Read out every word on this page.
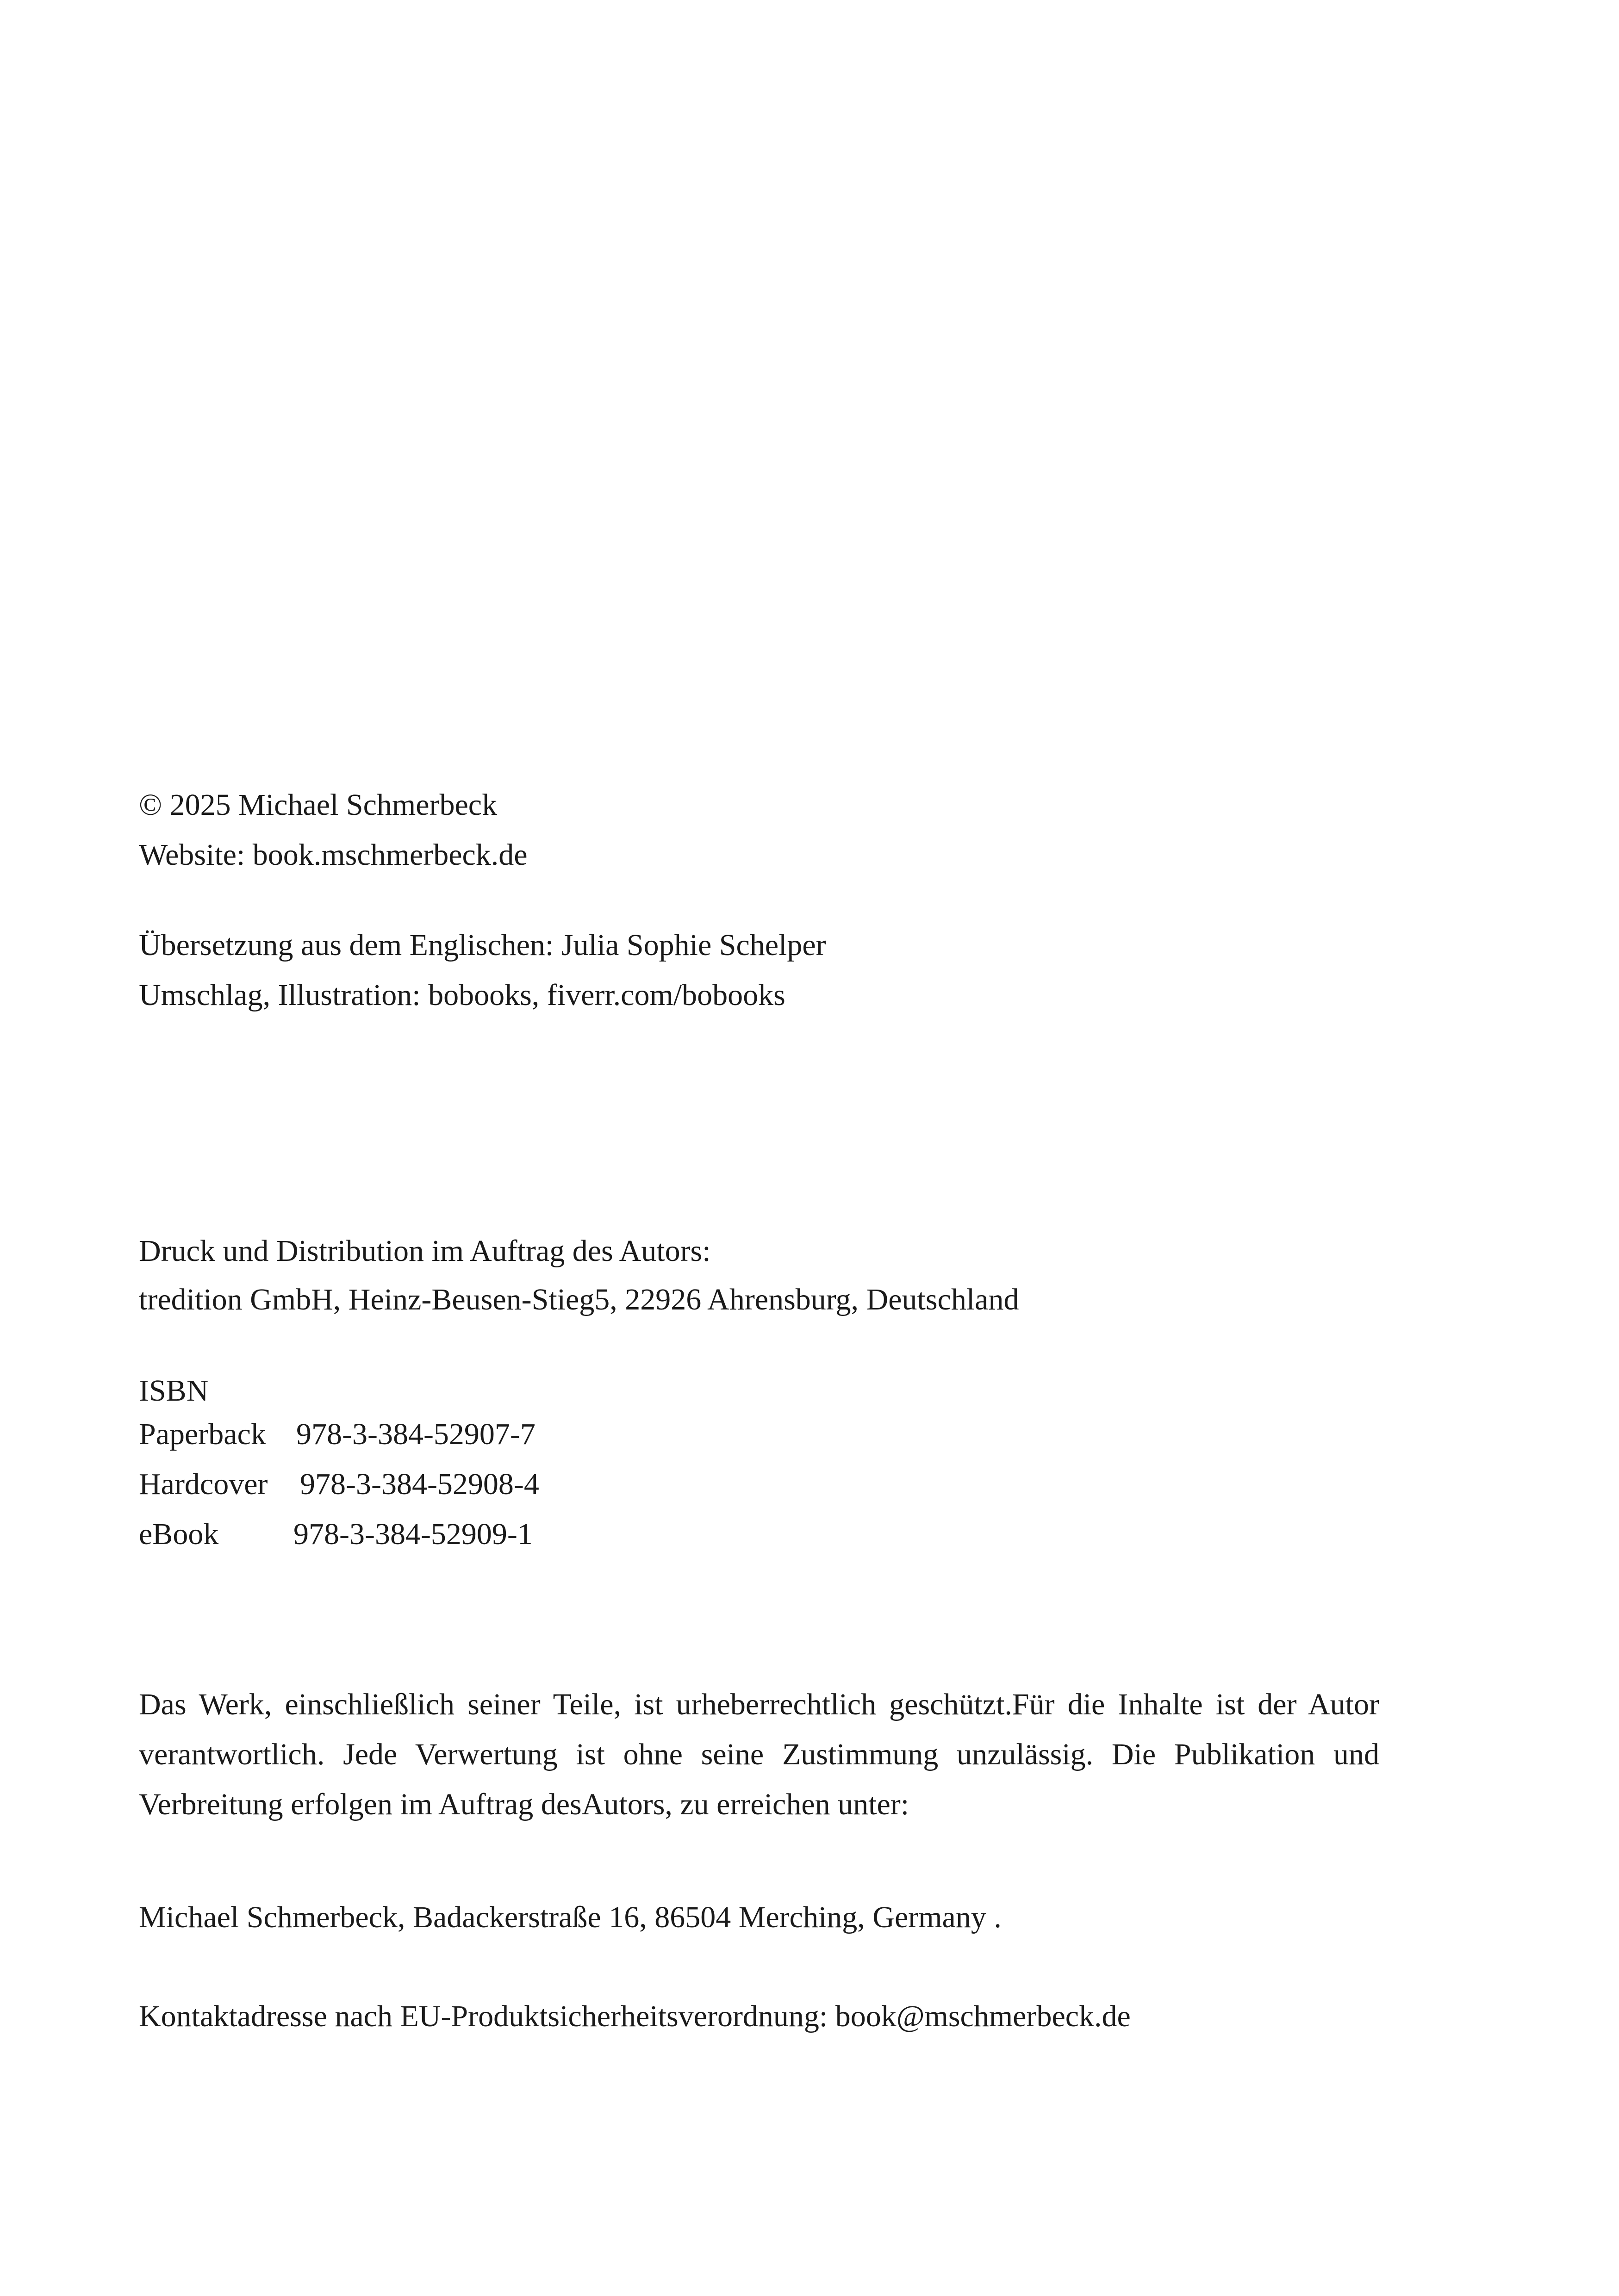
© 2025 Michael Schmerbeck

Website: book.mschmerbeck.de

Übersetzung aus dem Englischen: Julia Sophie Schelper

Umschlag, Illustration: bobooks, fiverr.com/bobooks

Druck und Distribution im Auftrag des Autors:

tredition GmbH, Heinz-Beusen-Stieg5, 22926 Ahrensburg, Deutschland

ISBN

Paperback 978-3-384-52907-7
Hardcover	978-3-384-52908-4
eBook	978-3-384-52909-1

Das Werk, einschließlich seiner Teile, ist urheberrechtlich geschützt.Für die Inhalte ist der Autor verantwortlich. Jede Verwertung ist ohne seine Zustimmung unzulässig. Die Publikation und Verbreitung erfolgen im Auftrag desAutors, zu erreichen unter:

Michael Schmerbeck, Badackerstraße 16, 86504 Merching, Germany .

Kontaktadresse nach EU-Produktsicherheitsverordnung: book@mschmerbeck.de
